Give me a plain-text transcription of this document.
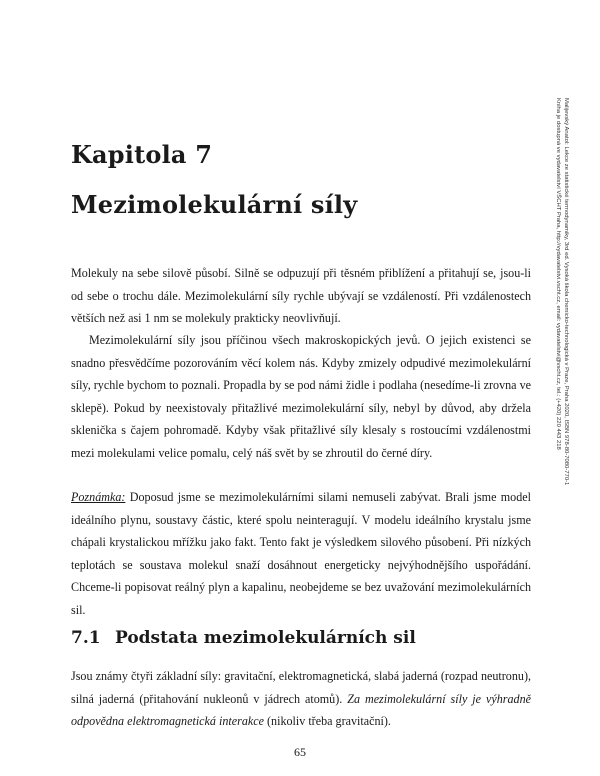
Kapitola 7
Mezimolekulární síly

Molekuly na sebe silově působí. Silně se odpuzují při těsném přiblížení a přitahují se, jsou-li od sebe o trochu dále. Mezimolekulární síly rychle ubývají se vzdáleností. Při vzdálenostech větších než asi 1 nm se molekuly prakticky neovlivňují.

Mezimolekulární síly jsou příčinou všech makroskopických jevů. O jejich existenci se snadno přesvědčíme pozorováním věcí kolem nás. Kdyby zmizely odpudivé mezimolekulární síly, rychle bychom to poznali. Propadla by se pod námi židle i podlaha (nesedíme-li zrovna ve sklepě). Pokud by neexistovaly přitažlivé mezimolekulární síly, nebyl by důvod, aby držela sklenička s čajem pohromadě. Kdyby však přitažlivé síly klesaly s rostoucími vzdálenostmi mezi molekulami velice pomalu, celý náš svět by se zhroutil do černé díry.

Poznámka: Doposud jsme se mezimolekulárními silami nemuseli zabývat. Brali jsme model ideálního plynu, soustavy částic, které spolu neinteragují. V modelu ideálního krystalu jsme chápali krystalickou mřížku jako fakt. Tento fakt je výsledkem silového působení. Při nízkých teplotách se soustava molekul snaží dosáhnout energeticky nejvýhodnějšího uspořádání. Chceme-li popisovat reálný plyn a kapalinu, neobejdeme se bez uvažování mezimolekulárních sil.

7.1 Podstata mezimolekulárních sil

Jsou známy čtyři základní síly: gravitační, elektromagnetická, slabá jaderná (rozpad neutronu), silná jaderná (přitahování nukleonů v jádrech atomů). Za mezimolekulární síly je výhradně odpovědna elektromagnetická interakce (nikoliv třeba gravitační).

65
Malijevský Anatol: Lekce ze statistické termodynamiky, 3rd ed. Vysoká škola chemicko-technologická v Praze, Praha 2020, ISBN 978-80-7080-770-1
Kniha je dostupná ve vydavatelství VŠCHT Praha, http://vydavatelstvi.vscht.cz, email: vydavatelstvi@vscht.cz, tel.: (+420) 220 443 218
